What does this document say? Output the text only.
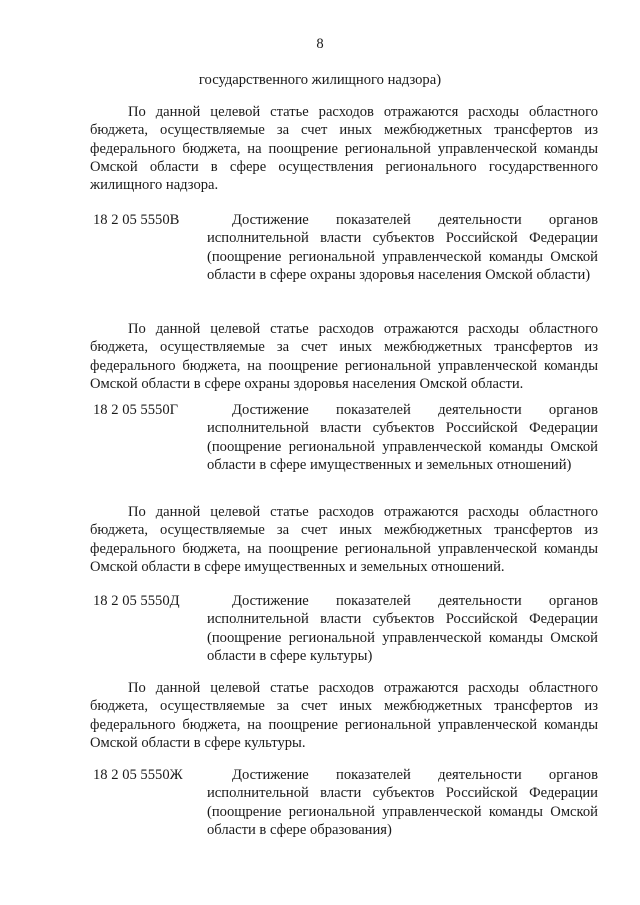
8
государственного жилищного надзора)

По данной целевой статье расходов отражаются расходы областного бюджета, осуществляемые за счет иных межбюджетных трансфертов из федерального бюджета, на поощрение региональной управленческой команды Омской области в сфере осуществления регионального государственного жилищного надзора.

18 2 05 5550В	Достижение показателей деятельности органов исполнительной власти субъектов Российской Федерации (поощрение региональной управленческой команды Омской области в сфере охраны здоровья населения Омской области)

По данной целевой статье расходов отражаются расходы областного бюджета, осуществляемые за счет иных межбюджетных трансфертов из федерального бюджета, на поощрение региональной управленческой команды Омской области в сфере охраны здоровья населения Омской области.

18 2 05 5550Г	Достижение показателей деятельности органов исполнительной власти субъектов Российской Федерации (поощрение региональной управленческой команды Омской области в сфере имущественных и земельных отношений)

По данной целевой статье расходов отражаются расходы областного бюджета, осуществляемые за счет иных межбюджетных трансфертов из федерального бюджета, на поощрение региональной управленческой команды Омской области в сфере имущественных и земельных отношений.

18 2 05 5550Д	Достижение показателей деятельности органов исполнительной власти субъектов Российской Федерации (поощрение региональной управленческой команды Омской области в сфере культуры)

По данной целевой статье расходов отражаются расходы областного бюджета, осуществляемые за счет иных межбюджетных трансфертов из федерального бюджета, на поощрение региональной управленческой команды Омской области в сфере культуры.

18 2 05 5550Ж	Достижение показателей деятельности органов исполнительной власти субъектов Российской Федерации (поощрение региональной управленческой команды Омской области в сфере образования)
